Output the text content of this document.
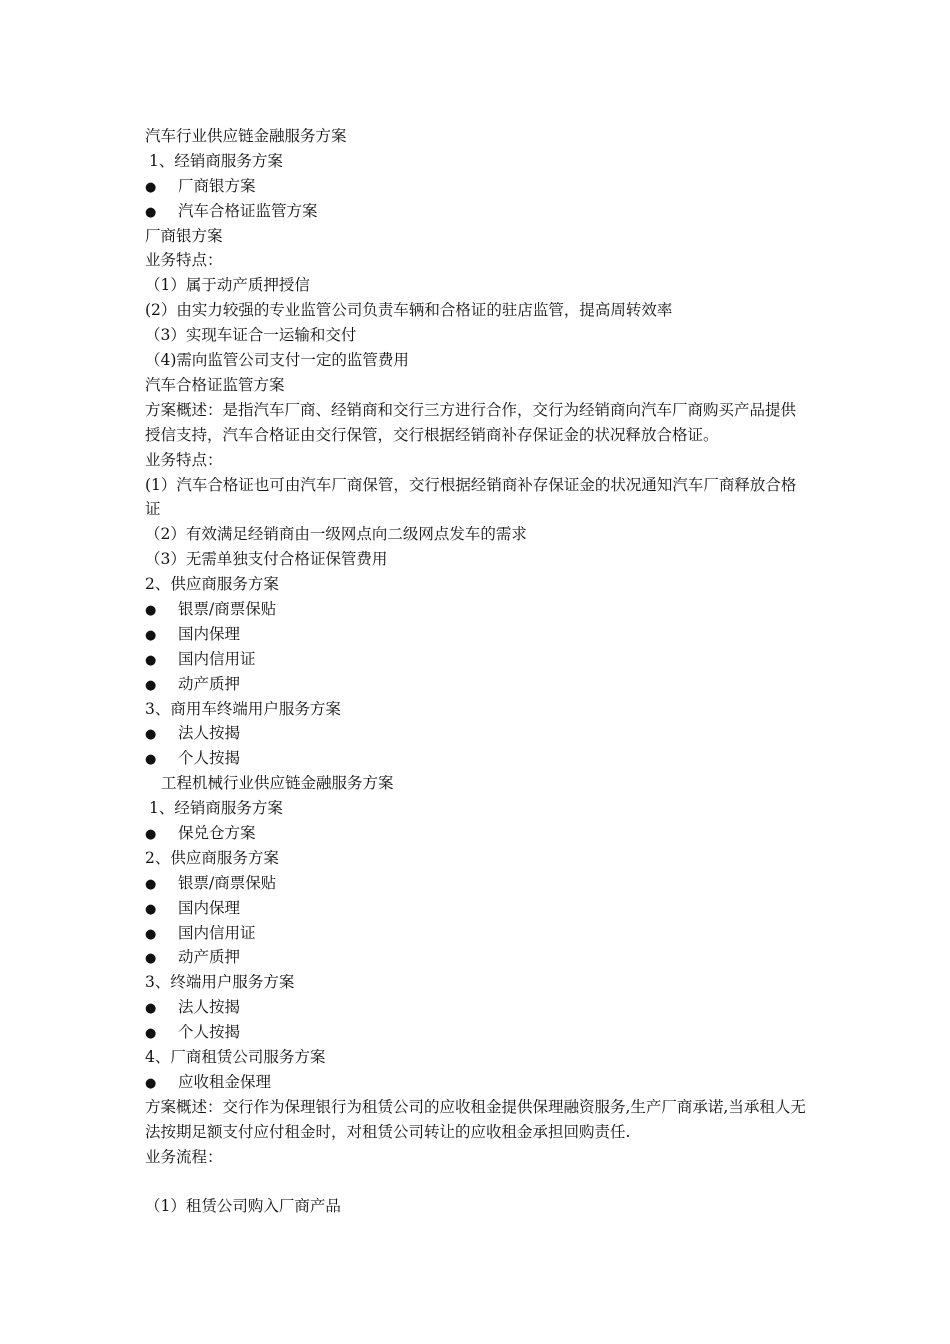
汽车行业供应链金融服务方案
1、经销商服务方案
● 厂商银方案
● 汽车合格证监管方案
厂商银方案
业务特点：
（1）属于动产质押授信
(2）由实力较强的专业监管公司负责车辆和合格证的驻店监管，提高周转效率
（3）实现车证合一运输和交付
（4)需向监管公司支付一定的监管费用
汽车合格证监管方案
方案概述：是指汽车厂商、经销商和交行三方进行合作，交行为经销商向汽车厂商购买产品提供授信支持，汽车合格证由交行保管，交行根据经销商补存保证金的状况释放合格证。
业务特点：
(1）汽车合格证也可由汽车厂商保管，交行根据经销商补存保证金的状况通知汽车厂商释放合格证
（2）有效满足经销商由一级网点向二级网点发车的需求
（3）无需单独支付合格证保管费用
2、供应商服务方案
● 银票/商票保贴
● 国内保理
● 国内信用证
● 动产质押
3、商用车终端用户服务方案
● 法人按揭
● 个人按揭
工程机械行业供应链金融服务方案
1、经销商服务方案
● 保兑仓方案
2、供应商服务方案
● 银票/商票保贴
● 国内保理
● 国内信用证
● 动产质押
3、终端用户服务方案
● 法人按揭
● 个人按揭
4、厂商租赁公司服务方案
● 应收租金保理
方案概述：交行作为保理银行为租赁公司的应收租金提供保理融资服务,生产厂商承诺,当承租人无法按期足额支付应付租金时，对租赁公司转让的应收租金承担回购责任.
业务流程：
（1）租赁公司购入厂商产品
